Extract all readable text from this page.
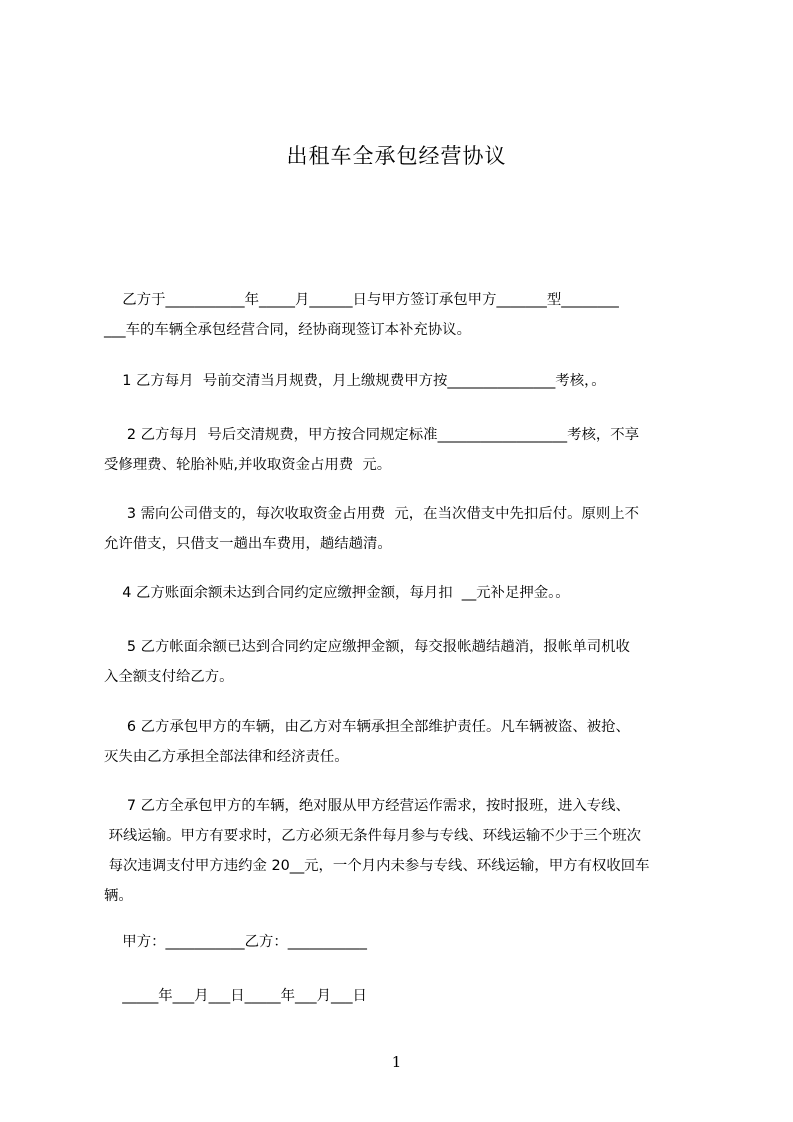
出租车全承包经营协议
乙方于___________年_____月______日与甲方签订承包甲方_______型________
___车的车辆全承包经营合同，经协商现签订本补充协议。
1 乙方每月  号前交清当月规费，月上缴规费甲方按_______________考核，。
2 乙方每月  号后交清规费，甲方按合同规定标准__________________考核，不享
受修理费、轮胎补贴,并收取资金占用费  元。
3 需向公司借支的，每次收取资金占用费  元，在当次借支中先扣后付。原则上不
允许借支，只借支一趟出车费用，趟结趟清。
4 乙方账面余额未达到合同约定应缴押金额，每月扣  __元补足押金。。
5 乙方帐面余额已达到合同约定应缴押金额，每交报帐趟结趟消，报帐单司机收
入全额支付给乙方。
6 乙方承包甲方的车辆，由乙方对车辆承担全部维护责任。凡车辆被盗、被抢、
灭失由乙方承担全部法律和经济责任。
7 乙方全承包甲方的车辆，绝对服从甲方经营运作需求，按时报班，进入专线、
环线运输。甲方有要求时，乙方必须无条件每月参与专线、环线运输不少于三个班次
每次违调支付甲方违约金 20__元，一个月内未参与专线、环线运输，甲方有权收回车
辆。
甲方：___________乙方：___________
_____年___月___日_____年___月___日
1
